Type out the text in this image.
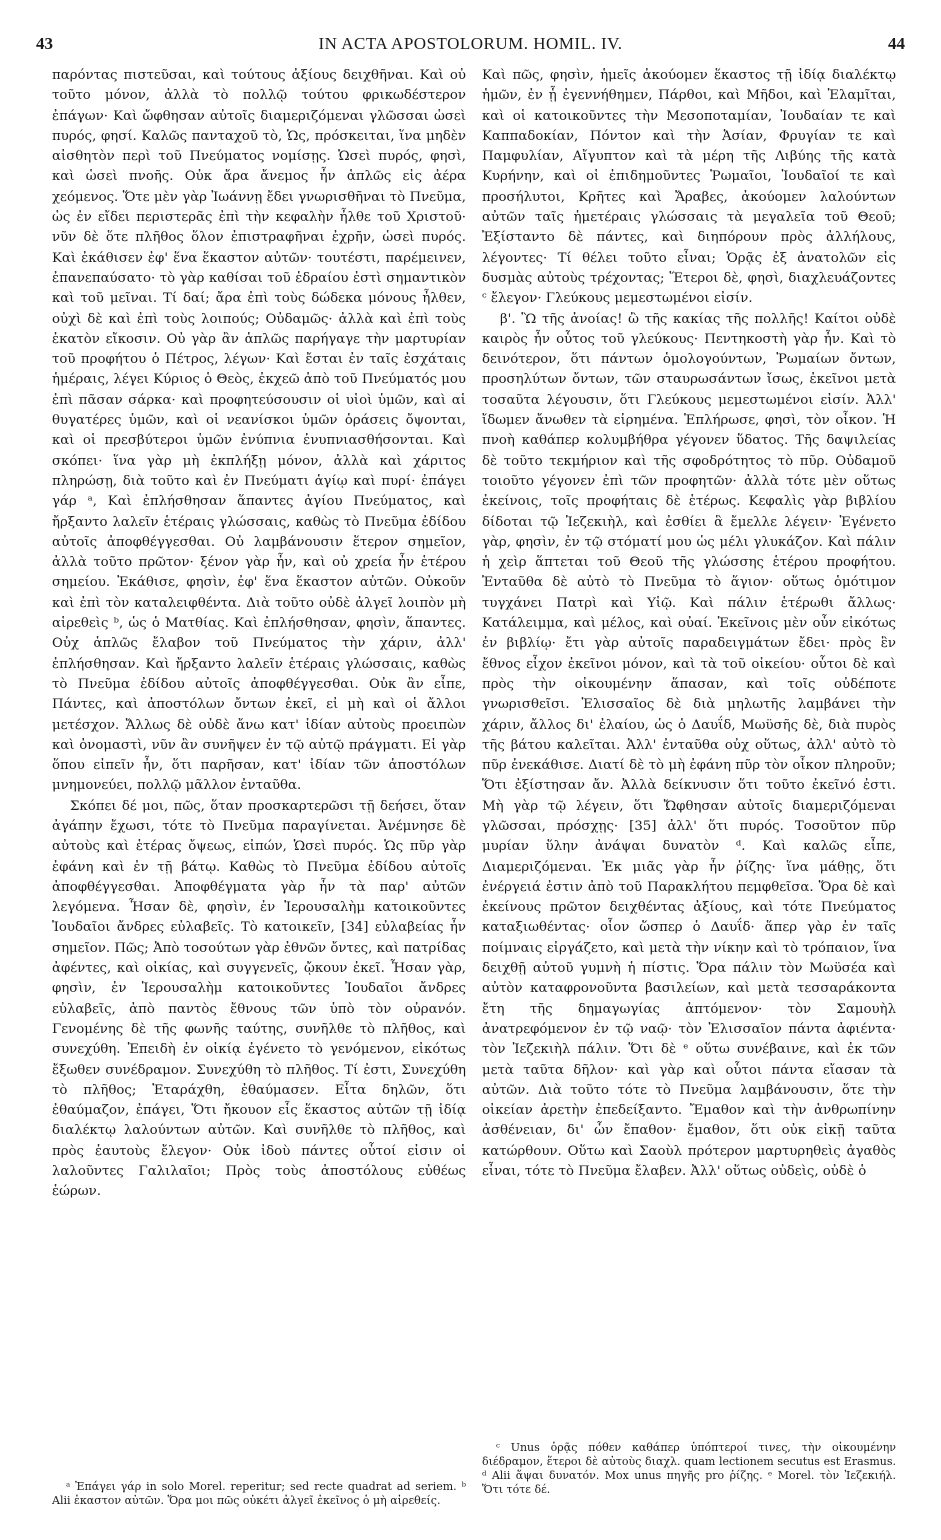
43	IN ACTA APOSTOLORUM. HOMIL. IV.	44

παρόντας πιστεῦσαι, καὶ τούτους ἀξίους δειχθῆναι. Καὶ οὐ τοῦτο μόνον, ἀλλὰ τὸ πολλῷ τούτου φρικωδέστερον ἐπάγων· Καὶ ὤφθησαν αὐτοῖς διαμεριζόμεναι γλῶσσαι ὡσεὶ πυρός, φησί. Καλῶς πανταχοῦ τὸ, Ὡς, πρόσκειται, ἵνα μηδὲν αἰσθητὸν περὶ τοῦ Πνεύματος νομίσῃς. Ὡσεὶ πυρός, φησὶ, καὶ ὡσεὶ πνοῆς. Οὐκ ἄρα ἄνεμος ἦν ἁπλῶς εἰς ἀέρα χεόμενος. Ὅτε μὲν γὰρ Ἰωάννῃ ἔδει γνωρισθῆναι τὸ Πνεῦμα, ὡς ἐν εἴδει περιστερᾶς ἐπὶ τὴν κεφαλὴν ἦλθε τοῦ Χριστοῦ· νῦν δὲ ὅτε πλῆθος ὅλον ἐπιστραφῆναι ἐχρῆν, ὡσεὶ πυρός. Καὶ ἐκάθισεν ἐφ' ἕνα ἕκαστον αὐτῶν· τουτέστι, παρέμεινεν, ἐπανεπαύσατο· τὸ γὰρ καθίσαι τοῦ ἑδραίου ἐστὶ σημαντικὸν καὶ τοῦ μεῖναι. Τί δαί; ἄρα ἐπὶ τοὺς δώδεκα μόνους ἦλθεν, οὐχὶ δὲ καὶ ἐπὶ τοὺς λοιπούς; Οὐδαμῶς· ἀλλὰ καὶ ἐπὶ τοὺς ἑκατὸν εἴκοσιν. Οὐ γὰρ ἂν ἁπλῶς παρήγαγε τὴν μαρτυρίαν τοῦ προφήτου ὁ Πέτρος, λέγων· Καὶ ἔσται ἐν ταῖς ἐσχάταις ἡμέραις, λέγει Κύριος ὁ Θεὸς, ἐκχεῶ ἀπὸ τοῦ Πνεύματός μου ἐπὶ πᾶσαν σάρκα· καὶ προφητεύσουσιν οἱ υἱοὶ ὑμῶν, καὶ αἱ θυγατέρες ὑμῶν, καὶ οἱ νεανίσκοι ὑμῶν ὁράσεις ὄψονται, καὶ οἱ πρεσβύτεροι ὑμῶν ἐνύπνια ἐνυπνιασθήσονται. Καὶ σκόπει· ἵνα γὰρ μὴ ἐκπλήξῃ μόνον, ἀλλὰ καὶ χάριτος πληρώσῃ, διὰ τοῦτο καὶ ἐν Πνεύματι ἁγίῳ καὶ πυρί· ἐπάγει γάρ ᵃ, Καὶ ἐπλήσθησαν ἅπαντες ἁγίου Πνεύματος, καὶ ἤρξαντο λαλεῖν ἑτέραις γλώσσαις, καθὼς τὸ Πνεῦμα ἐδίδου αὐτοῖς ἀποφθέγγεσθαι. Οὐ λαμβάνουσιν ἕτερον σημεῖον, ἀλλὰ τοῦτο πρῶτον· ξένον γὰρ ἦν, καὶ οὐ χρεία ἦν ἑτέρου σημείου. Ἐκάθισε, φησὶν, ἐφ' ἕνα ἕκαστον αὐτῶν. Οὐκοῦν καὶ ἐπὶ τὸν καταλειφθέντα. Διὰ τοῦτο οὐδὲ ἀλγεῖ λοιπὸν μὴ αἱρεθεὶς ᵇ, ὡς ὁ Ματθίας. Καὶ ἐπλήσθησαν, φησὶν, ἅπαντες. Οὐχ ἁπλῶς ἔλαβον τοῦ Πνεύματος τὴν χάριν, ἀλλ' ἐπλήσθησαν. Καὶ ἤρξαντο λαλεῖν ἑτέραις γλώσσαις, καθὼς τὸ Πνεῦμα ἐδίδου αὐτοῖς ἀποφθέγγεσθαι. Οὐκ ἂν εἶπε, Πάντες, καὶ ἀποστόλων ὄντων ἐκεῖ, εἰ μὴ καὶ οἱ ἄλλοι μετέσχον. Ἄλλως δὲ οὐδὲ ἄνω κατ' ἰδίαν αὐτοὺς προειπὼν καὶ ὀνομαστὶ, νῦν ἂν συνῆψεν ἐν τῷ αὐτῷ πράγματι. Εἰ γὰρ ὅπου εἰπεῖν ἦν, ὅτι παρῆσαν, κατ' ἰδίαν τῶν ἀποστόλων μνημονεύει, πολλῷ μᾶλλον ἐνταῦθα.

Σκόπει δέ μοι, πῶς, ὅταν προσκαρτερῶσι τῇ δεήσει, ὅταν ἀγάπην ἔχωσι, τότε τὸ Πνεῦμα παραγίνεται. Ἀνέμνησε δὲ αὐτοὺς καὶ ἑτέρας ὄψεως, εἰπών, Ὡσεὶ πυρός. Ὡς πῦρ γὰρ ἐφάνη καὶ ἐν τῇ βάτῳ. Καθὼς τὸ Πνεῦμα ἐδίδου αὐτοῖς ἀποφθέγγεσθαι. Ἀποφθέγματα γὰρ ἦν τὰ παρ' αὐτῶν λεγόμενα. Ἦσαν δὲ, φησὶν, ἐν Ἱερουσαλὴμ κατοικοῦντες Ἰουδαῖοι ἄνδρες εὐλαβεῖς. Τὸ κατοικεῖν, [34] εὐλαβείας ἦν σημεῖον. Πῶς; Ἀπὸ τοσούτων γὰρ ἐθνῶν ὄντες, καὶ πατρίδας ἀφέντες, καὶ οἰκίας, καὶ συγγενεῖς, ᾤκουν ἐκεῖ. Ἦσαν γὰρ, φησὶν, ἐν Ἱερουσαλὴμ κατοικοῦντες Ἰουδαῖοι ἄνδρες εὐλαβεῖς, ἀπὸ παντὸς ἔθνους τῶν ὑπὸ τὸν οὐρανόν. Γενομένης δὲ τῆς φωνῆς ταύτης, συνῆλθε τὸ πλῆθος, καὶ συνεχύθη. Ἐπειδὴ ἐν οἰκίᾳ ἐγένετο τὸ γενόμενον, εἰκότως ἔξωθεν συνέδραμον. Συνεχύθη τὸ πλῆθος. Τί ἐστι, Συνεχύθη τὸ πλῆθος; Ἐταράχθη, ἐθαύμασεν. Εἶτα δηλῶν, ὅτι ἐθαύμαζον, ἐπάγει, Ὅτι ἤκουον εἷς ἕκαστος αὐτῶν τῇ ἰδίᾳ διαλέκτῳ λαλούντων αὐτῶν. Καὶ συνῆλθε τὸ πλῆθος, καὶ πρὸς ἑαυτοὺς ἔλεγον· Οὐκ ἰδοὺ πάντες οὗτοί εἰσιν οἱ λαλοῦντες Γαλιλαῖοι; Πρὸς τοὺς ἀποστόλους εὐθέως ἑώρων.

Καὶ πῶς, φησὶν, ἡμεῖς ἀκούομεν ἕκαστος τῇ ἰδίᾳ διαλέκτῳ ἡμῶν, ἐν ᾗ ἐγεννήθημεν, Πάρθοι, καὶ Μῆδοι, καὶ Ἐλαμῖται, καὶ οἱ κατοικοῦντες τὴν Μεσοποταμίαν, Ἰουδαίαν τε καὶ Καππαδοκίαν, Πόντον καὶ τὴν Ἀσίαν, Φρυγίαν τε καὶ Παμφυλίαν, Αἴγυπτον καὶ τὰ μέρη τῆς Λιβύης τῆς κατὰ Κυρήνην, καὶ οἱ ἐπιδημοῦντες Ῥωμαῖοι, Ἰουδαῖοί τε καὶ προσήλυτοι, Κρῆτες καὶ Ἄραβες, ἀκούομεν λαλούντων αὐτῶν ταῖς ἡμετέραις γλώσσαις τὰ μεγαλεῖα τοῦ Θεοῦ; Ἐξίσταντο δὲ πάντες, καὶ διηπόρουν πρὸς ἀλλήλους, λέγοντες· Τί θέλει τοῦτο εἶναι; Ὁρᾷς ἐξ ἀνατολῶν εἰς δυσμὰς αὐτοὺς τρέχοντας; Ἕτεροι δὲ, φησὶ, διαχλευάζοντες ᶜ ἔλεγον· Γλεύκους μεμεστωμένοι εἰσίν.

β'. Ὢ τῆς ἀνοίας! ὢ τῆς κακίας τῆς πολλῆς! Καίτοι οὐδὲ καιρὸς ἦν οὗτος τοῦ γλεύκους· Πεντηκοστὴ γὰρ ἦν. Καὶ τὸ δεινότερον, ὅτι πάντων ὁμολογούντων, Ῥωμαίων ὄντων, προσηλύτων ὄντων, τῶν σταυρωσάντων ἴσως, ἐκεῖνοι μετὰ τοσαῦτα λέγουσιν, ὅτι Γλεύκους μεμεστωμένοι εἰσίν. Ἀλλ' ἴδωμεν ἄνωθεν τὰ εἰρημένα. Ἐπλήρωσε, φησὶ, τὸν οἶκον. Ἡ πνοὴ καθάπερ κολυμβήθρα γέγονεν ὕδατος. Τῆς δαψιλείας δὲ τοῦτο τεκμήριον καὶ τῆς σφοδρότητος τὸ πῦρ. Οὐδαμοῦ τοιοῦτο γέγονεν ἐπὶ τῶν προφητῶν· ἀλλὰ τότε μὲν οὕτως ἐκείνοις, τοῖς προφήταις δὲ ἑτέρως. Κεφαλὶς γὰρ βιβλίου δίδοται τῷ Ἰεζεκιὴλ, καὶ ἐσθίει ἃ ἔμελλε λέγειν· Ἐγένετο γὰρ, φησὶν, ἐν τῷ στόματί μου ὡς μέλι γλυκάζον. Καὶ πάλιν ἡ χεὶρ ἅπτεται τοῦ Θεοῦ τῆς γλώσσης ἑτέρου προφήτου. Ἐνταῦθα δὲ αὐτὸ τὸ Πνεῦμα τὸ ἅγιον· οὕτως ὁμότιμον τυγχάνει Πατρὶ καὶ Υἱῷ. Καὶ πάλιν ἑτέρωθι ἄλλως· Κατάλειμμα, καὶ μέλος, καὶ οὐαί. Ἐκεῖνοις μὲν οὖν εἰκότως ἐν βιβλίῳ· ἔτι γὰρ αὐτοῖς παραδειγμάτων ἔδει· πρὸς ἓν ἔθνος εἶχον ἐκεῖνοι μόνον, καὶ τὰ τοῦ οἰκείου· οὗτοι δὲ καὶ πρὸς τὴν οἰκουμένην ἅπασαν, καὶ τοῖς οὐδέποτε γνωρισθεῖσι. Ἐλισσαῖος δὲ διὰ μηλωτῆς λαμβάνει τὴν χάριν, ἄλλος δι' ἐλαίου, ὡς ὁ Δαυΐδ, Μωϋσῆς δὲ, διὰ πυρὸς τῆς βάτου καλεῖται. Ἀλλ' ἐνταῦθα οὐχ οὕτως, ἀλλ' αὐτὸ τὸ πῦρ ἐνεκάθισε. Διατί δὲ τὸ μὴ ἐφάνη πῦρ τὸν οἶκον πληροῦν; Ὅτι ἐξίστησαν ἄν. Ἀλλὰ δείκνυσιν ὅτι τοῦτο ἐκεῖνό ἐστι. Μὴ γὰρ τῷ λέγειν, ὅτι Ὤφθησαν αὐτοῖς διαμεριζόμεναι γλῶσσαι, πρόσχῃς· [35] ἀλλ' ὅτι πυρός. Τοσοῦτον πῦρ μυρίαν ὕλην ἀνάψαι δυνατὸν ᵈ. Καὶ καλῶς εἶπε, Διαμεριζόμεναι. Ἐκ μιᾶς γὰρ ἦν ῥίζης· ἵνα μάθῃς, ὅτι ἐνέργειά ἐστιν ἀπὸ τοῦ Παρακλήτου πεμφθεῖσα. Ὅρα δὲ καὶ ἐκείνους πρῶτον δειχθέντας ἀξίους, καὶ τότε Πνεύματος καταξιωθέντας· οἷον ὥσπερ ὁ Δαυΐδ· ἅπερ γὰρ ἐν ταῖς ποίμναις εἰργάζετο, καὶ μετὰ τὴν νίκην καὶ τὸ τρόπαιον, ἵνα δειχθῇ αὐτοῦ γυμνὴ ἡ πίστις. Ὅρα πάλιν τὸν Μωϋσέα καὶ αὐτὸν καταφρονοῦντα βασιλείων, καὶ μετὰ τεσσαράκοντα ἔτη τῆς δημαγωγίας ἁπτόμενον· τὸν Σαμουὴλ ἀνατρεφόμενον ἐν τῷ ναῷ· τὸν Ἐλισσαῖον πάντα ἀφιέντα· τὸν Ἰεζεκιὴλ πάλιν. Ὅτι δὲ ᵉ οὕτω συνέβαινε, καὶ ἐκ τῶν μετὰ ταῦτα δῆλον· καὶ γὰρ καὶ οὗτοι πάντα εἴασαν τὰ αὐτῶν. Διὰ τοῦτο τότε τὸ Πνεῦμα λαμβάνουσιν, ὅτε τὴν οἰκείαν ἀρετὴν ἐπεδείξαντο. Ἔμαθον καὶ τὴν ἀνθρωπίνην ἀσθένειαν, δι' ὧν ἔπαθον· ἔμαθον, ὅτι οὐκ εἰκῇ ταῦτα κατώρθουν. Οὕτω καὶ Σαοὺλ πρότερον μαρτυρηθεὶς ἀγαθὸς εἶναι, τότε τὸ Πνεῦμα ἔλαβεν. Ἀλλ' οὕτως οὐδεὶς, οὐδὲ ὁ

ᵃ Ἐπάγει γάρ in solo Morel. reperitur; sed recte quadrat ad seriem. ᵇ Alii ἑκαστον αὐτῶν. Ὅρα μοι πῶς οὐκέτι ἀλγεῖ ἐκεῖνος ὁ μὴ αἱρεθείς.

ᶜ Unus ὁρᾷς πόθεν καθάπερ ὑπόπτεροί τινες, τὴν οἰκουμένην διέδραμον, ἕτεροι δὲ αὐτοὺς διαχλ. quam lectionem secutus est Erasmus. ᵈ Alii ἅψαι δυνατόν. Mox unus πηγῆς pro ῥίζης. ᵉ Morel. τὸν Ἰεζεκιήλ. Ὅτι τότε δέ.
